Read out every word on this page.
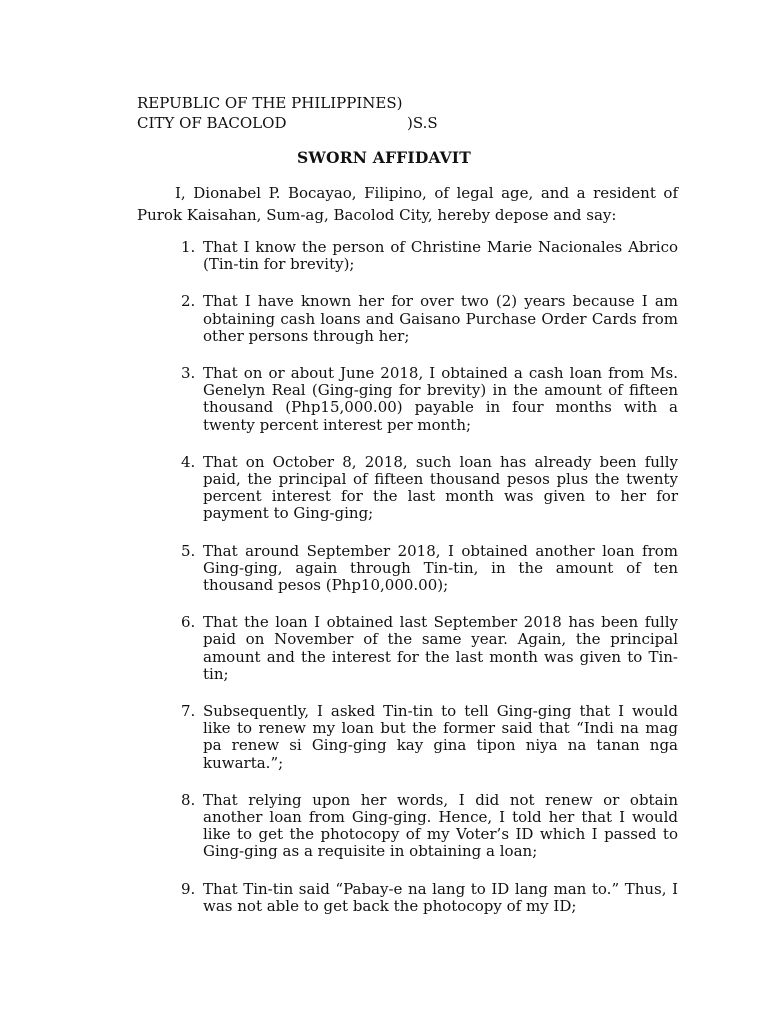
REPUBLIC OF THE PHILIPPINES)
CITY OF BACOLOD	)S.S
SWORN AFFIDAVIT

I, Dionabel P. Bocayao, Filipino, of legal age, and a resident of Purok Kaisahan, Sum-ag, Bacolod City, hereby depose and say:

1. That I know the person of Christine Marie Nacionales Abrico (Tin-tin for brevity);
2. That I have known her for over two (2) years because I am obtaining cash loans and Gaisano Purchase Order Cards from other persons through her;
3. That on or about June 2018, I obtained a cash loan from Ms. Genelyn Real (Ging-ging for brevity) in the amount of fifteen thousand (Php15,000.00) payable in four months with a twenty percent interest per month;
4. That on October 8, 2018, such loan has already been fully paid, the principal of fifteen thousand pesos plus the twenty percent interest for the last month was given to her for payment to Ging-ging;
5. That around September 2018, I obtained another loan from Ging-ging, again through Tin-tin, in the amount of ten thousand pesos (Php10,000.00);
6. That the loan I obtained last September 2018 has been fully paid on November of the same year. Again, the principal amount and the interest for the last month was given to Tin-tin;
7. Subsequently, I asked Tin-tin to tell Ging-ging that I would like to renew my loan but the former said that “Indi na mag pa renew si Ging-ging kay gina tipon niya na tanan nga kuwarta.”;
8. That relying upon her words, I did not renew or obtain another loan from Ging-ging. Hence, I told her that I would like to get the photocopy of my Voter’s ID which I passed to Ging-ging as a requisite in obtaining a loan;
9. That Tin-tin said “Pabay-e na lang to ID lang man to.” Thus, I was not able to get back the photocopy of my ID;
